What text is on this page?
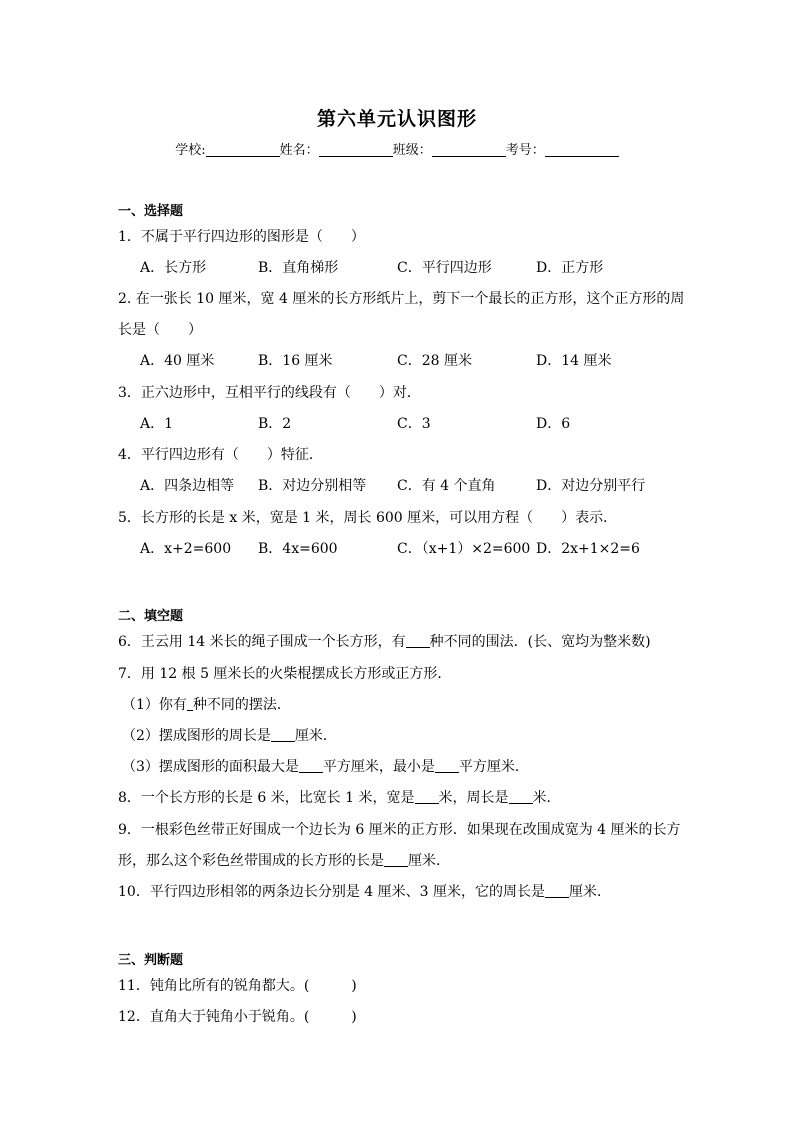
第六单元认识图形
学校:	姓名：	班级：	考号：
一、选择题
1．不属于平行四边形的图形是（　　）
A．长方形	B．直角梯形	C．平行四边形	D．正方形
2. 在一张长 10 厘米，宽 4 厘米的长方形纸片上，剪下一个最长的正方形，这个正方形的周
长是（　　）
A．40 厘米	B．16 厘米	C．28 厘米	D．14 厘米
3．正六边形中，互相平行的线段有（　　）对．
A．1	B．2	C．3	D．6
4．平行四边形有（　　）特征．
A．四条边相等 B．对边分别相等 C．有 4 个直角	D．对边分别平行
5．长方形的长是 x 米，宽是 1 米，周长 600 厘米，可以用方程（　　）表示．
A．x+2=600 B．4x=600	C．（x+1）×2=600 D．2x+1×2=6
二、填空题
6．王云用 14 米长的绳子围成一个长方形，有 种不同的围法．(长、宽均为整米数)
7．用 12 根 5 厘米长的火柴棍摆成长方形或正方形．
（1）你有 种不同的摆法．
（2）摆成图形的周长是 厘米．
（3）摆成图形的面积最大是 平方厘米，最小是 平方厘米．
8．一个长方形的长是 6 米，比宽长 1 米，宽是 米，周长是 米．
9．一根彩色丝带正好围成一个边长为 6 厘米的正方形．如果现在改围成宽为 4 厘米的长方
形，那么这个彩色丝带围成的长方形的长是 厘米．
10．平行四边形相邻的两条边长分别是 4 厘米、3 厘米，它的周长是 厘米．
三、判断题
11．钝角比所有的锐角都大。(　　　)
12．直角大于钝角小于锐角。(　　　)
